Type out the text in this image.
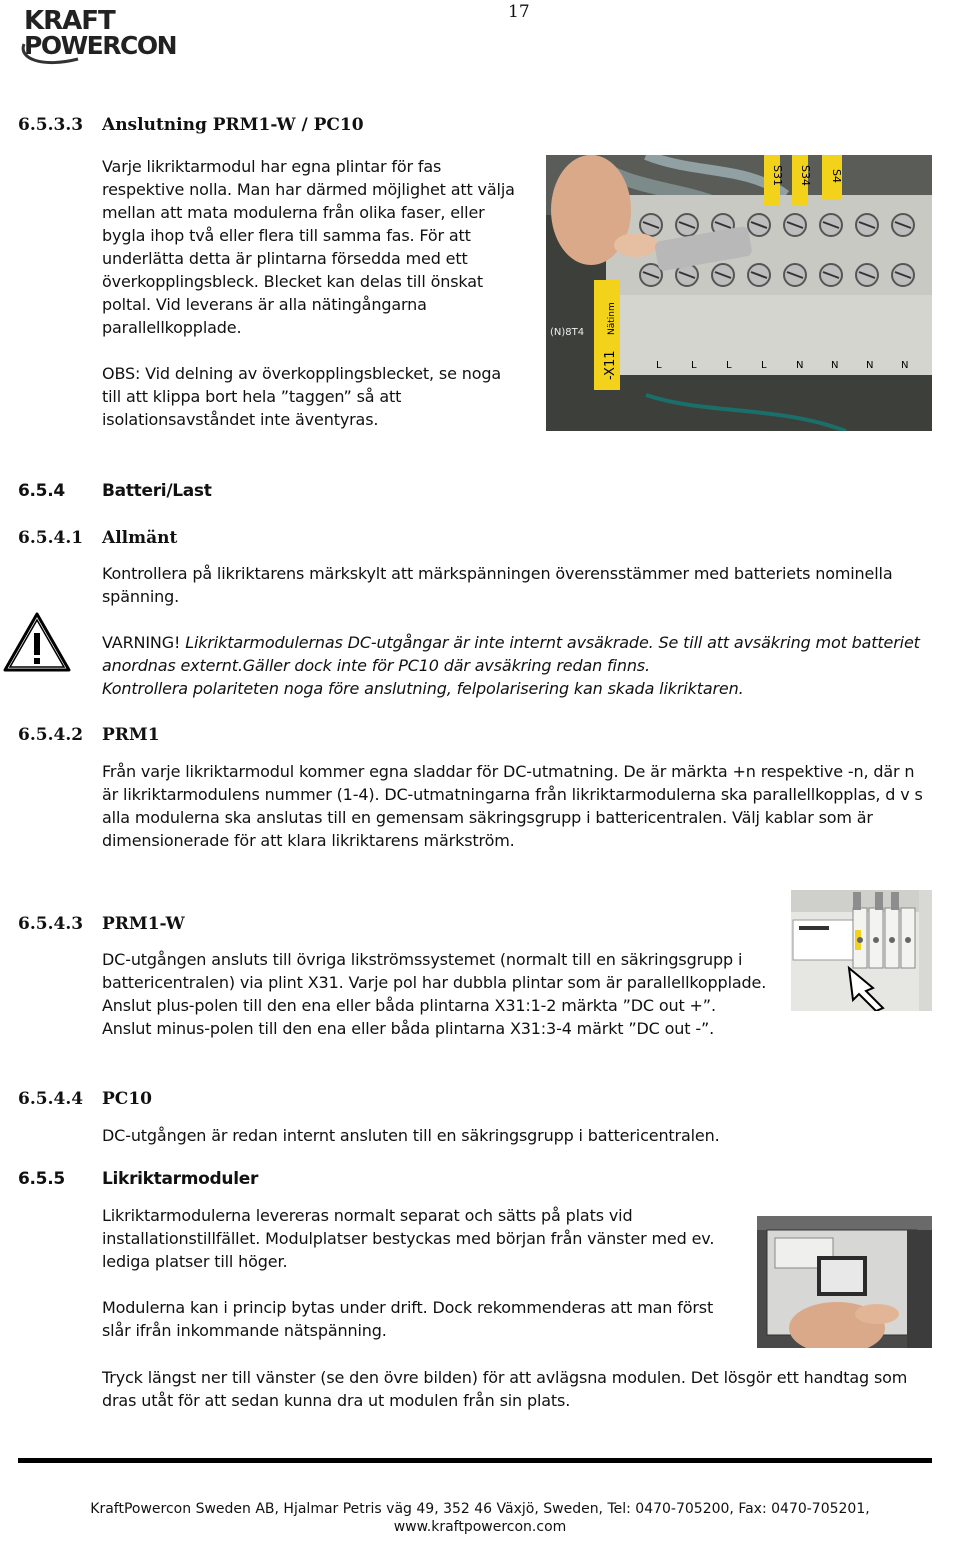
KRAFT
POWERCON
17
6.5.3.3 Anslutning PRM1-W / PC10

Varje likriktarmodul har egna plintar för fas respektive nolla. Man har därmed möjlighet att välja mellan att mata modulerna från olika faser, eller bygla ihop två eller flera till samma fas. För att underlätta detta är plintarna försedda med ett överkopplingsbleck. Blecket kan delas till önskat poltal. Vid leverans är alla nätingångarna parallellkopplade.

OBS: Vid delning av överkopplingsblecket, se noga till att klippa bort hela ”taggen” så att isolationsavståndet inte äventyras.

S31 S34 S4
-X11
Nätinm
(N)8T4
L	L	L	L	N	N	N	N
6.5.4 Batteri/Last
6.5.4.1 Allmänt

Kontrollera på likriktarens märkskylt att märkspänningen överensstämmer med batteriets nominella spänning.

VARNING! Likriktarmodulernas DC-utgångar är inte internt avsäkrade. Se till att avsäkring mot batteriet anordnas externt.Gäller dock inte för PC10 där avsäkring redan finns.

Kontrollera polariteten noga före anslutning, felpolarisering kan skada likriktaren.

6.5.4.2 PRM1

Från varje likriktarmodul kommer egna sladdar för DC-utmatning. De är märkta +n respektive -n, där n är likriktarmodulens nummer (1-4). DC-utmatningarna från likriktarmodulerna ska parallellkopplas, d v s alla modulerna ska anslutas till en gemensam säkringsgrupp i battericentralen. Välj kablar som är dimensionerade för att klara likriktarens märkström.

6.5.4.3 PRM1-W

DC-utgången ansluts till övriga likströmssystemet (normalt till en säkringsgrupp i battericentralen) via plint X31. Varje pol har dubbla plintar som är parallellkopplade.

Anslut plus-polen till den ena eller båda plintarna X31:1-2 märkta ”DC out +”.

Anslut minus-polen till den ena eller båda plintarna X31:3-4 märkt ”DC out -”.

6.5.4.4 PC10

DC-utgången är redan internt ansluten till en säkringsgrupp i battericentralen.

6.5.5 Likriktarmoduler

Likriktarmodulerna levereras normalt separat och sätts på plats vid installationstillfället. Modulplatser bestyckas med början från vänster med ev. lediga platser till höger.

Modulerna kan i princip bytas under drift. Dock rekommenderas att man först slår ifrån inkommande nätspänning.

Tryck längst ner till vänster (se den övre bilden) för att avlägsna modulen. Det lösgör ett handtag som dras utåt för att sedan kunna dra ut modulen från sin plats.

KraftPowercon Sweden AB, Hjalmar Petris väg 49, 352 46 Växjö, Sweden, Tel: 0470-705200, Fax: 0470-705201,
www.kraftpowercon.com
